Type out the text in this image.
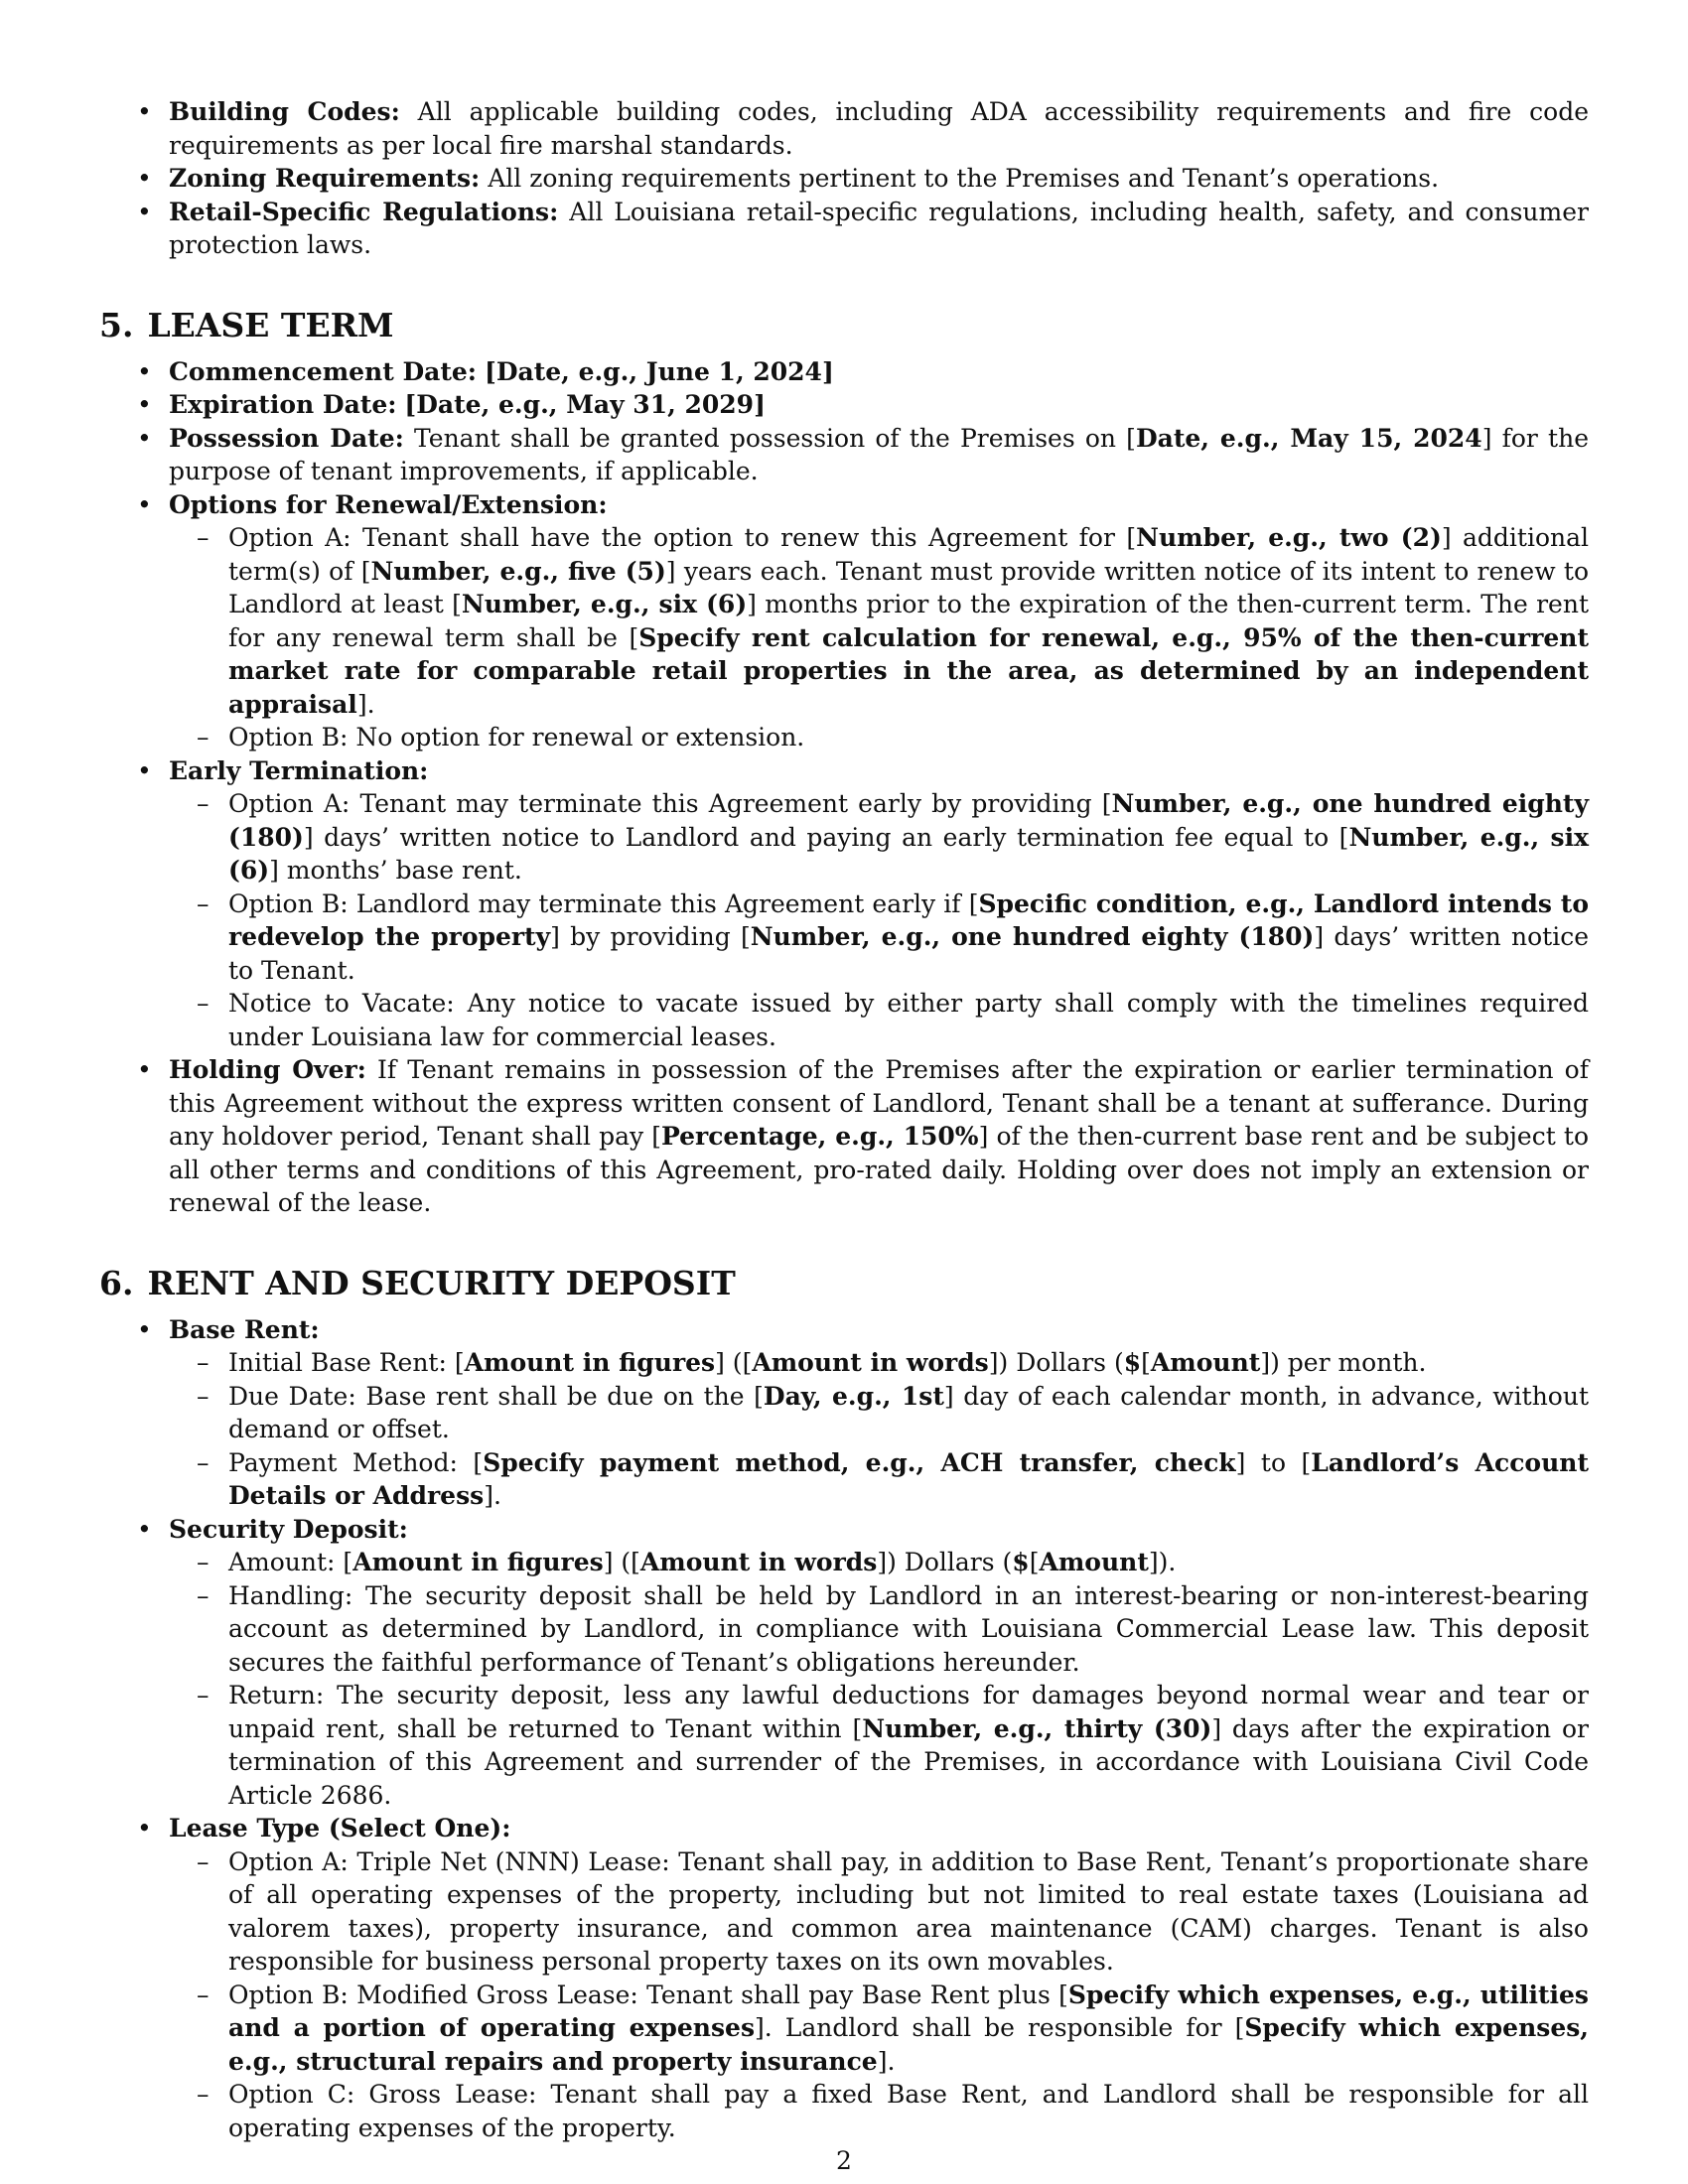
• Building Codes: All applicable building codes, including ADA accessibility requirements and fire code requirements as per local fire marshal standards.
• Zoning Requirements: All zoning requirements pertinent to the Premises and Tenant’s operations.
• Retail-Specific Regulations: All Louisiana retail-specific regulations, including health, safety, and consumer protection laws.
5. LEASE TERM
• Commencement Date: [Date, e.g., June 1, 2024]
• Expiration Date: [Date, e.g., May 31, 2029]
• Possession Date: Tenant shall be granted possession of the Premises on [Date, e.g., May 15, 2024] for the purpose of tenant improvements, if applicable.
• Options for Renewal/Extension:
– Option A: Tenant shall have the option to renew this Agreement for [Number, e.g., two (2)] additional term(s) of [Number, e.g., five (5)] years each. Tenant must provide written notice of its intent to renew to Landlord at least [Number, e.g., six (6)] months prior to the expiration of the then-current term. The rent for any renewal term shall be [Specify rent calculation for renewal, e.g., 95% of the then-current market rate for comparable retail properties in the area, as determined by an independent appraisal].
– Option B: No option for renewal or extension.
• Early Termination:
– Option A: Tenant may terminate this Agreement early by providing [Number, e.g., one hundred eighty (180)] days’ written notice to Landlord and paying an early termination fee equal to [Number, e.g., six (6)] months’ base rent.
– Option B: Landlord may terminate this Agreement early if [Specific condition, e.g., Landlord intends to redevelop the property] by providing [Number, e.g., one hundred eighty (180)] days’ written notice to Tenant.
– Notice to Vacate: Any notice to vacate issued by either party shall comply with the timelines required under Louisiana law for commercial leases.
• Holding Over: If Tenant remains in possession of the Premises after the expiration or earlier termination of this Agreement without the express written consent of Landlord, Tenant shall be a tenant at sufferance. During any holdover period, Tenant shall pay [Percentage, e.g., 150%] of the then-current base rent and be subject to all other terms and conditions of this Agreement, pro-rated daily. Holding over does not imply an extension or renewal of the lease.
6. RENT AND SECURITY DEPOSIT
• Base Rent:
– Initial Base Rent: [Amount in figures] ([Amount in words]) Dollars ($[Amount]) per month.
– Due Date: Base rent shall be due on the [Day, e.g., 1st] day of each calendar month, in advance, without demand or offset.
– Payment Method: [Specify payment method, e.g., ACH transfer, check] to [Landlord’s Account Details or Address].
• Security Deposit:
– Amount: [Amount in figures] ([Amount in words]) Dollars ($[Amount]).
– Handling: The security deposit shall be held by Landlord in an interest-bearing or non-interest-bearing account as determined by Landlord, in compliance with Louisiana Commercial Lease law. This deposit secures the faithful performance of Tenant’s obligations hereunder.
– Return: The security deposit, less any lawful deductions for damages beyond normal wear and tear or unpaid rent, shall be returned to Tenant within [Number, e.g., thirty (30)] days after the expiration or termination of this Agreement and surrender of the Premises, in accordance with Louisiana Civil Code Article 2686.
• Lease Type (Select One):
– Option A: Triple Net (NNN) Lease: Tenant shall pay, in addition to Base Rent, Tenant’s proportionate share of all operating expenses of the property, including but not limited to real estate taxes (Louisiana ad valorem taxes), property insurance, and common area maintenance (CAM) charges. Tenant is also responsible for business personal property taxes on its own movables.
– Option B: Modified Gross Lease: Tenant shall pay Base Rent plus [Specify which expenses, e.g., utilities and a portion of operating expenses]. Landlord shall be responsible for [Specify which expenses, e.g., structural repairs and property insurance].
– Option C: Gross Lease: Tenant shall pay a fixed Base Rent, and Landlord shall be responsible for all operating expenses of the property.
2
